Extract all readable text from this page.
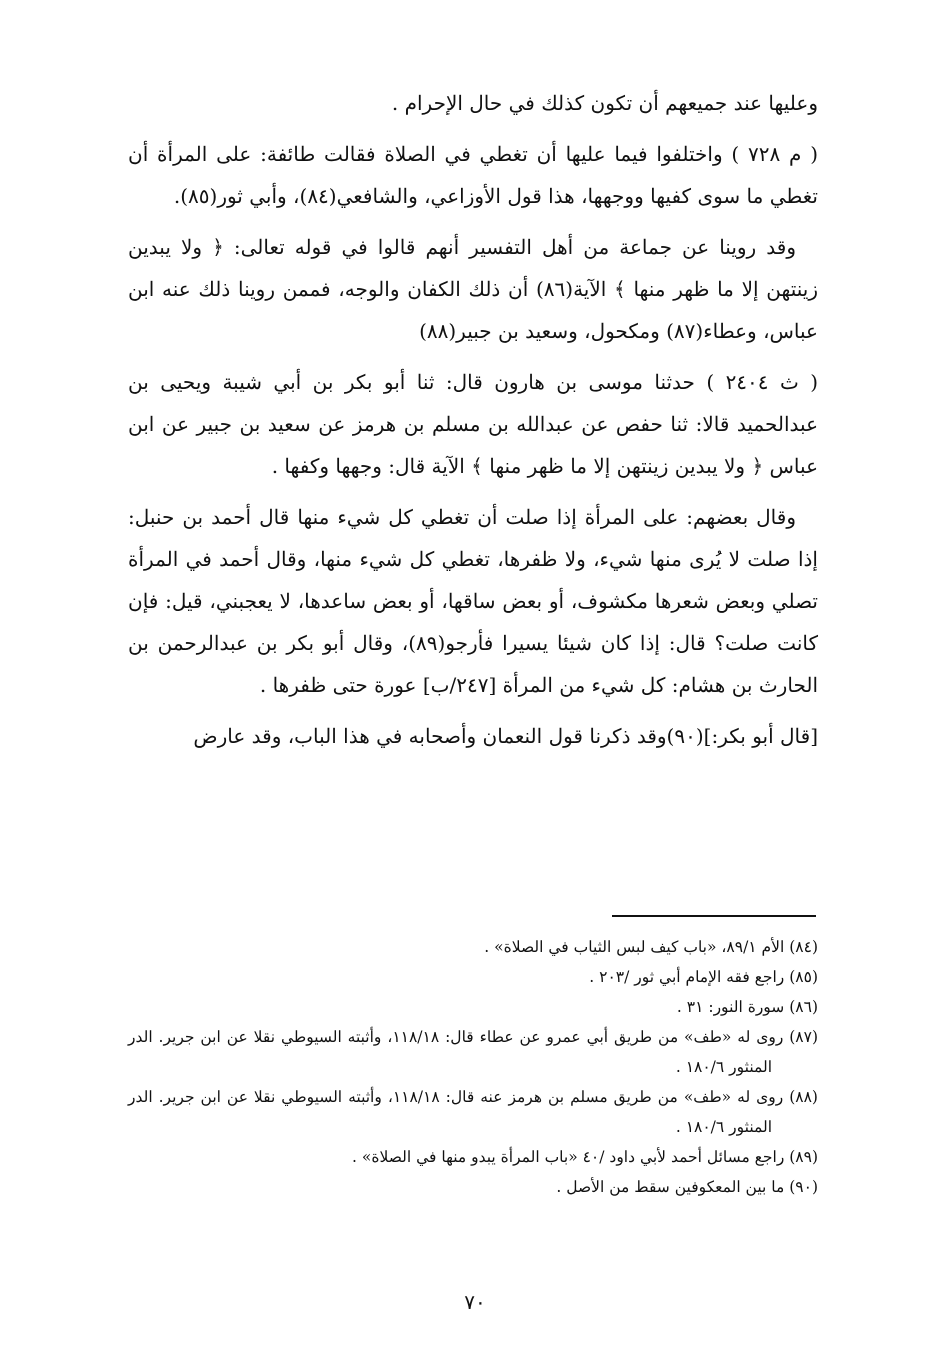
وعليها عند جميعهم أن تكون كذلك في حال الإحرام .

( م ٧٢٨ ) واختلفوا فيما عليها أن تغطي في الصلاة فقالت طائفة: على المرأة أن تغطي ما سوى كفيها ووجهها، هذا قول الأوزاعي، والشافعي(٨٤)، وأبي ثور(٨٥).

وقد روينا عن جماعة من أهل التفسير أنهم قالوا في قوله تعالى: ﴿ ولا يبدين زينتهن إلا ما ظهر منها ﴾ الآية(٨٦) أن ذلك الكفان والوجه، فممن روينا ذلك عنه ابن عباس، وعطاء(٨٧) ومكحول، وسعيد بن جبير(٨٨)

( ث ٢٤٠٤ ) حدثنا موسى بن هارون قال: ثنا أبو بكر بن أبي شيبة ويحيى بن عبدالحميد قالا: ثنا حفص عن عبدالله بن مسلم بن هرمز عن سعيد بن جبير عن ابن عباس ﴿ ولا يبدين زينتهن إلا ما ظهر منها ﴾ الآية قال: وجهها وكفها .

وقال بعضهم: على المرأة إذا صلت أن تغطي كل شيء منها قال أحمد بن حنبل: إذا صلت لا يُرى منها شيء، ولا ظفرها، تغطي كل شيء منها، وقال أحمد في المرأة تصلي وبعض شعرها مكشوف، أو بعض ساقها، أو بعض ساعدها، لا يعجبني، قيل: فإن كانت صلت؟ قال: إذا كان شيئا يسيرا فأرجو(٨٩)، وقال أبو بكر بن عبدالرحمن بن الحارث بن هشام: كل شيء من المرأة [٢٤٧/ب] عورة حتى ظفرها .

[قال أبو بكر:](٩٠)وقد ذكرنا قول النعمان وأصحابه في هذا الباب، وقد عارض

(٨٤) الأم ٨٩/١، «باب كيف لبس الثياب في الصلاة» .

(٨٥) راجع فقه الإمام أبي ثور /٢٠٣ .

(٨٦) سورة النور: ٣١ .

(٨٧) روى له «طف» من طريق أبي عمرو عن عطاء قال: ١١٨/١٨، وأثبته السيوطي نقلا عن ابن جرير. الدر المنثور ١٨٠/٦ .

(٨٨) روى له «طف» من طريق مسلم بن هرمز عنه قال: ١١٨/١٨، وأثبته السيوطي نقلا عن ابن جرير. الدر المنثور ١٨٠/٦ .

(٨٩) راجع مسائل أحمد لأبي داود /٤٠ «باب المرأة يبدو منها في الصلاة» .

(٩٠) ما بين المعكوفين سقط من الأصل .

٧٠
